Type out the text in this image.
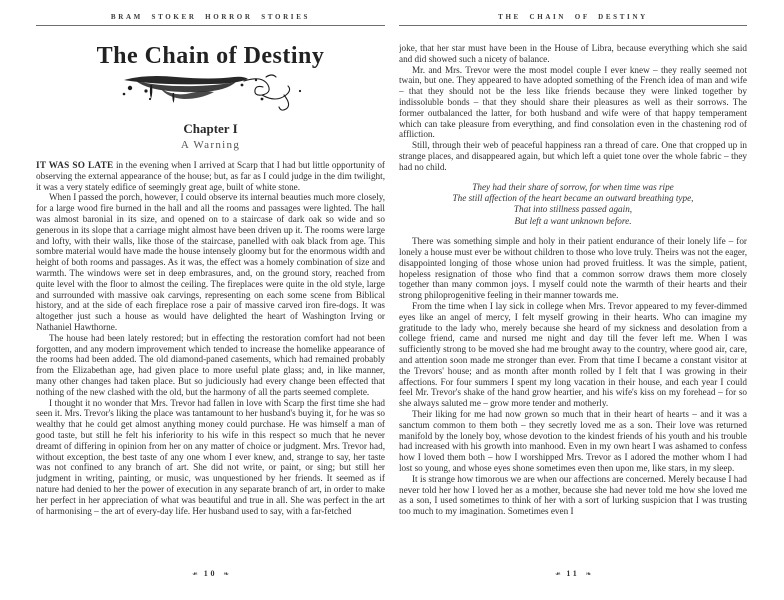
BRAM STOKER HORROR STORIES
The Chain of Destiny
Chapter I
A Warning

IT WAS SO LATE in the evening when I arrived at Scarp that I had but little opportunity of observing the external appearance of the house; but, as far as I could judge in the dim twilight, it was a very stately edifice of seemingly great age, built of white stone.

When I passed the porch, however, I could observe its internal beauties much more closely, for a large wood fire burned in the hall and all the rooms and passages were lighted. The hall was almost baronial in its size, and opened on to a staircase of dark oak so wide and so generous in its slope that a carriage might almost have been driven up it. The rooms were large and lofty, with their walls, like those of the staircase, panelled with oak black from age. This sombre material would have made the house intensely gloomy but for the enormous width and height of both rooms and passages. As it was, the effect was a homely combination of size and warmth. The windows were set in deep embrasures, and, on the ground story, reached from quite level with the floor to almost the ceiling. The fireplaces were quite in the old style, large and surrounded with massive oak carvings, representing on each some scene from Biblical history, and at the side of each fireplace rose a pair of massive carved iron fire-dogs. It was altogether just such a house as would have delighted the heart of Washington Irving or Nathaniel Hawthorne.

The house had been lately restored; but in effecting the restoration comfort had not been forgotten, and any modern improvement which tended to increase the homelike appearance of the rooms had been added. The old diamond-paned casements, which had remained probably from the Elizabethan age, had given place to more useful plate glass; and, in like manner, many other changes had taken place. But so judiciously had every change been effected that nothing of the new clashed with the old, but the harmony of all the parts seemed complete.

I thought it no wonder that Mrs. Trevor had fallen in love with Scarp the first time she had seen it. Mrs. Trevor's liking the place was tantamount to her husband's buying it, for he was so wealthy that he could get almost anything money could purchase. He was himself a man of good taste, but still he felt his inferiority to his wife in this respect so much that he never dreamt of differing in opinion from her on any matter of choice or judgment. Mrs. Trevor had, without exception, the best taste of any one whom I ever knew, and, strange to say, her taste was not confined to any branch of art. She did not write, or paint, or sing; but still her judgment in writing, painting, or music, was unquestioned by her friends. It seemed as if nature had denied to her the power of execution in any separate branch of art, in order to make her perfect in her appreciation of what was beautiful and true in all. She was perfect in the art of harmonising – the art of every-day life. Her husband used to say, with a far-fetched

❧ 10 ❧
THE CHAIN OF DESTINY

joke, that her star must have been in the House of Libra, because everything which she said and did showed such a nicety of balance.

Mr. and Mrs. Trevor were the most model couple I ever knew – they really seemed not twain, but one. They appeared to have adopted something of the French idea of man and wife – that they should not be the less like friends because they were linked together by indissoluble bonds – that they should share their pleasures as well as their sorrows. The former outbalanced the latter, for both husband and wife were of that happy temperament which can take pleasure from everything, and find consolation even in the chastening rod of affliction.

Still, through their web of peaceful happiness ran a thread of care. One that cropped up in strange places, and disappeared again, but which left a quiet tone over the whole fabric – they had no child.

They had their share of sorrow, for when time was ripe
The still affection of the heart became an outward breathing type,
That into stillness passed again,
But left a want unknown before.

There was something simple and holy in their patient endurance of their lonely life – for lonely a house must ever be without children to those who love truly. Theirs was not the eager, disappointed longing of those whose union had proved fruitless. It was the simple, patient, hopeless resignation of those who find that a common sorrow draws them more closely together than many common joys. I myself could note the warmth of their hearts and their strong philoprogenitive feeling in their manner towards me.

From the time when I lay sick in college when Mrs. Trevor appeared to my fever-dimmed eyes like an angel of mercy, I felt myself growing in their hearts. Who can imagine my gratitude to the lady who, merely because she heard of my sickness and desolation from a college friend, came and nursed me night and day till the fever left me. When I was sufficiently strong to be moved she had me brought away to the country, where good air, care, and attention soon made me stronger than ever. From that time I became a constant visitor at the Trevors' house; and as month after month rolled by I felt that I was growing in their affections. For four summers I spent my long vacation in their house, and each year I could feel Mr. Trevor's shake of the hand grow heartier, and his wife's kiss on my forehead – for so she always saluted me – grow more tender and motherly.

Their liking for me had now grown so much that in their heart of hearts – and it was a sanctum common to them both – they secretly loved me as a son. Their love was returned manifold by the lonely boy, whose devotion to the kindest friends of his youth and his trouble had increased with his growth into manhood. Even in my own heart I was ashamed to confess how I loved them both – how I worshipped Mrs. Trevor as I adored the mother whom I had lost so young, and whose eyes shone sometimes even then upon me, like stars, in my sleep.

It is strange how timorous we are when our affections are concerned. Merely because I had never told her how I loved her as a mother, because she had never told me how she loved me as a son, I used sometimes to think of her with a sort of lurking suspicion that I was trusting too much to my imagination. Sometimes even I

❧ 11 ❧
